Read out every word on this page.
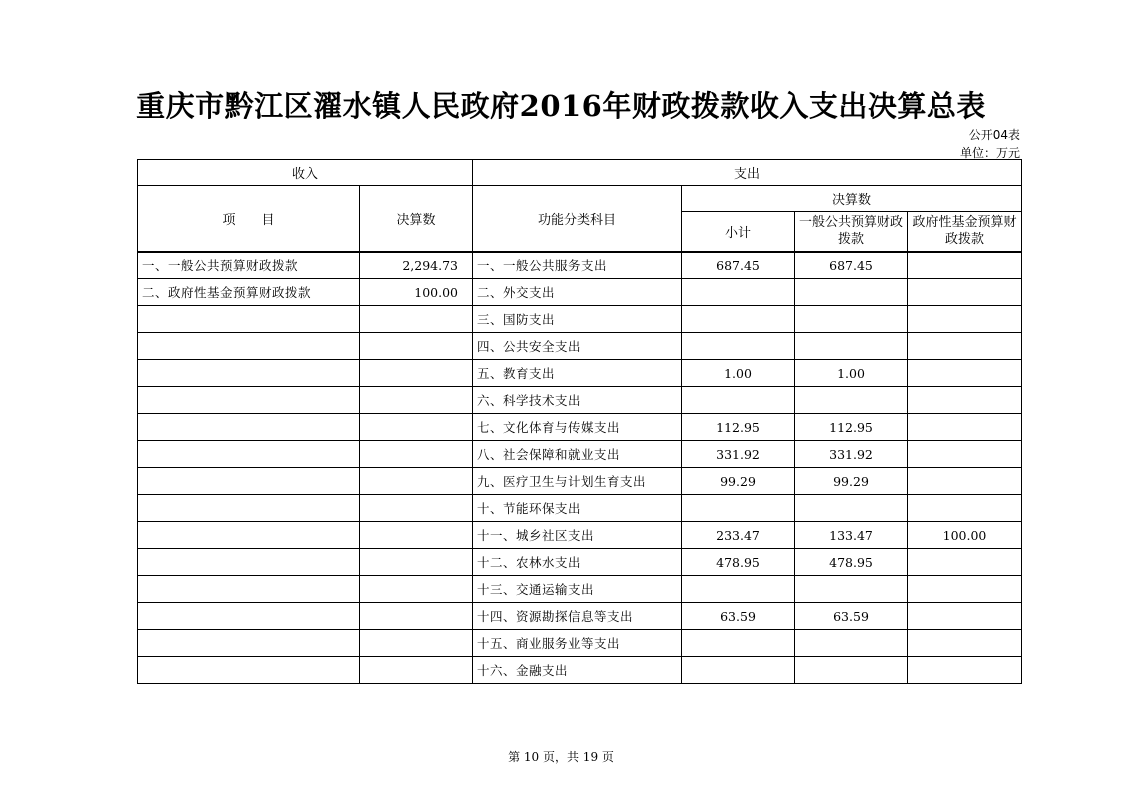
重庆市黔江区濯水镇人民政府2016年财政拨款收入支出决算总表
公开04表
单位：万元
收入		支出			
项　　目	决算数	功能分类科目	决算数		
			小计	一般公共预算财政拨款	政府性基金预算财政拨款
一、一般公共预算财政拨款	2,294.73	一、一般公共服务支出	687.45	687.45	
二、政府性基金预算财政拨款	100.00	二、外交支出			
		三、国防支出			
		四、公共安全支出			
		五、教育支出	1.00	1.00	
		六、科学技术支出			
		七、文化体育与传媒支出	112.95	112.95	
		八、社会保障和就业支出	331.92	331.92	
		九、医疗卫生与计划生育支出	99.29	99.29	
		十、节能环保支出			
		十一、城乡社区支出	233.47	133.47	100.00
		十二、农林水支出	478.95	478.95	
		十三、交通运输支出			
		十四、资源勘探信息等支出	63.59	63.59	
		十五、商业服务业等支出			
		十六、金融支出			
第 10 页，共 19 页
